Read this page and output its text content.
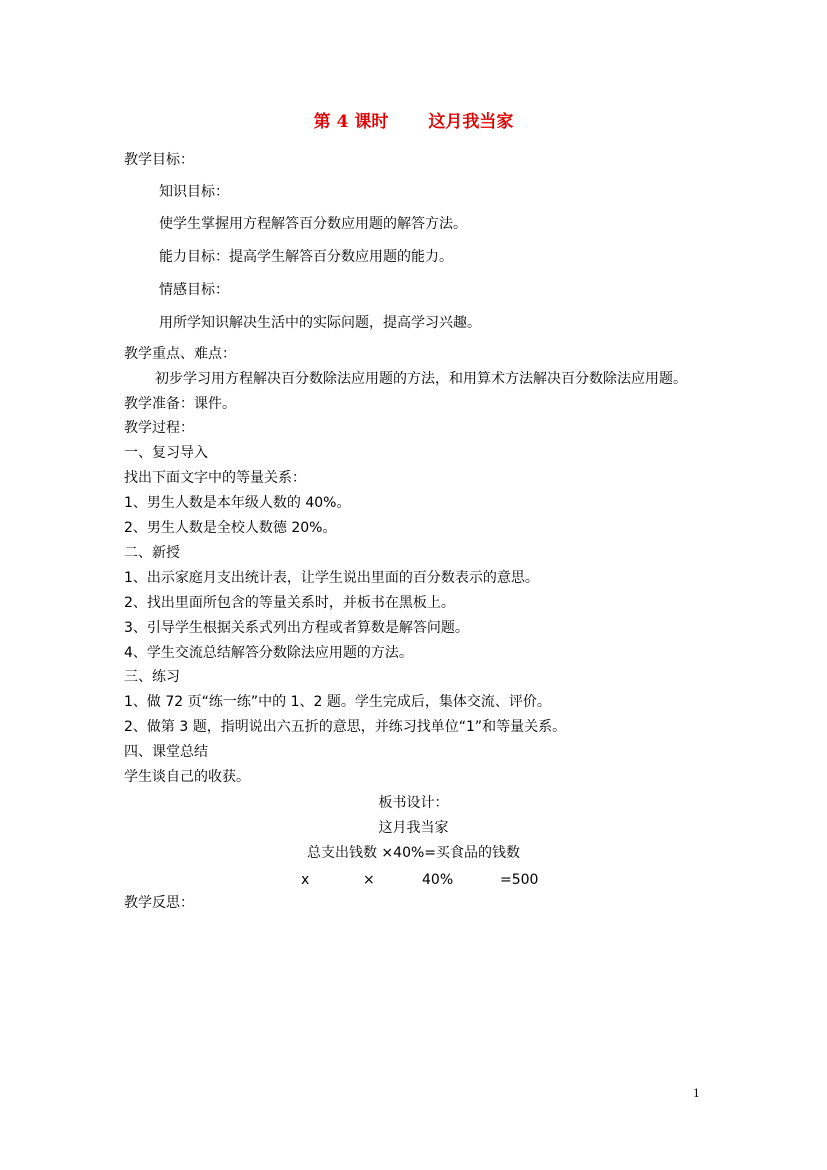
第 4 课时 这月我当家
教学目标：
知识目标：
使学生掌握用方程解答百分数应用题的解答方法。
能力目标：提高学生解答百分数应用题的能力。
情感目标：
用所学知识解决生活中的实际问题，提高学习兴趣。
教学重点、难点：
初步学习用方程解决百分数除法应用题的方法，和用算术方法解决百分数除法应用题。
教学准备：课件。
教学过程：
一、复习导入
找出下面文字中的等量关系：
1、男生人数是本年级人数的 40%。
2、男生人数是全校人数德 20%。
二、新授
1、出示家庭月支出统计表，让学生说出里面的百分数表示的意思。
2、找出里面所包含的等量关系时，并板书在黑板上。
3、引导学生根据关系式列出方程或者算数是解答问题。
4、学生交流总结解答分数除法应用题的方法。
三、练习
1、做 72 页“练一练”中的 1、2 题。学生完成后，集体交流、评价。
2、做第 3 题，指明说出六五折的意思，并练习找单位“1”和等量关系。
四、课堂总结
学生谈自己的收获。
板书设计：
这月我当家
总支出钱数 ×40%=买食品的钱数
x	×	40%	=500
教学反思：
1
